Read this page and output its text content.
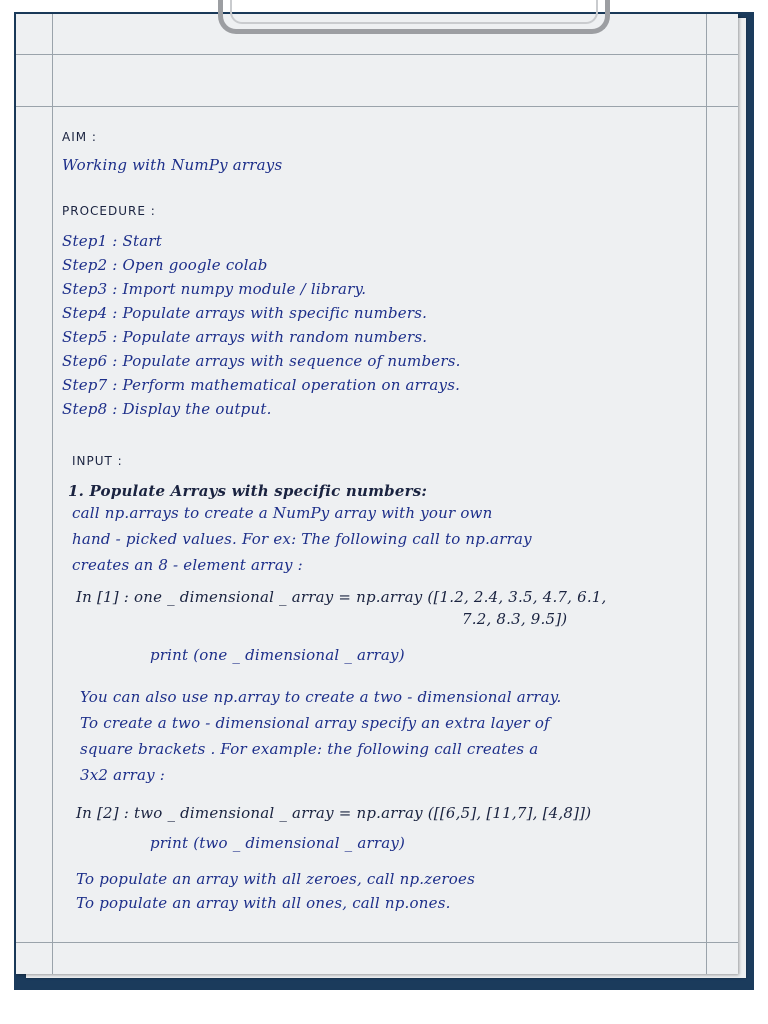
AIM :
Working with NumPy arrays
PROCEDURE :
Step1 : Start
Step2 : Open google colab
Step3 : Import numpy module / library.
Step4 : Populate arrays with specific numbers.
Step5 : Populate arrays with random numbers.
Step6 : Populate arrays with sequence of numbers.
Step7 : Perform mathematical operation on arrays.
Step8 : Display the output.
INPUT :
1. Populate Arrays with specific numbers:
call np.arrays to create a NumPy array with your own
hand - picked values. For ex: The following call to np.array
creates an 8 - element array :
In [1] : one _ dimensional _ array = np.array ([1.2, 2.4, 3.5, 4.7, 6.1,
7.2, 8.3, 9.5])
print (one _ dimensional _ array)
You can also use np.array to create a two - dimensional array.
To create a two - dimensional array specify an extra layer of
square brackets . For example: the following call creates a
3x2 array :
In [2] : two _ dimensional _ array = np.array ([[6,5], [11,7], [4,8]])
print (two _ dimensional _ array)
To populate an array with all zeroes, call np.zeroes
To populate an array with all ones, call np.ones.
